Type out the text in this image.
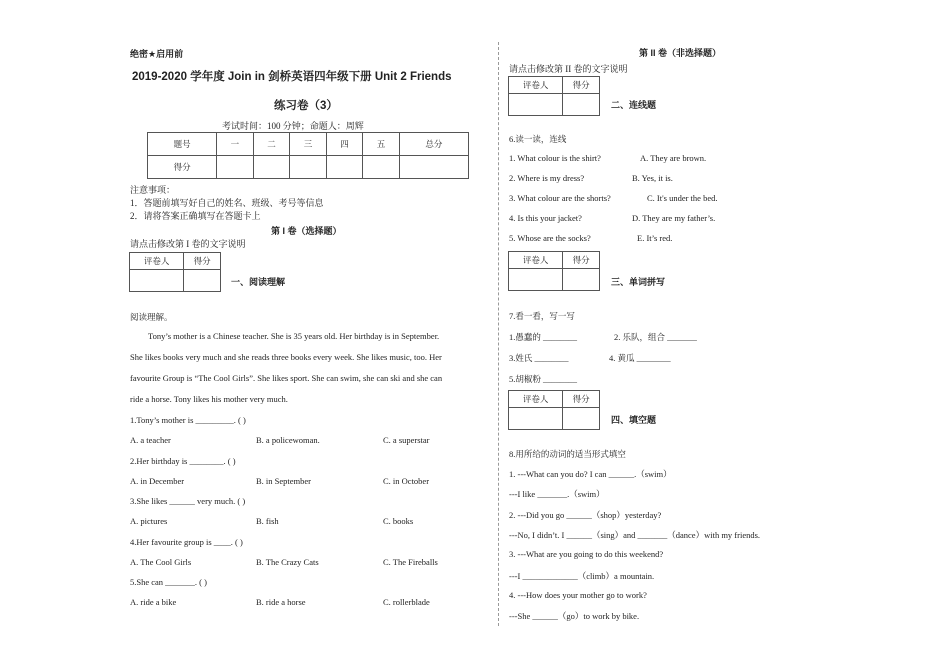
绝密★启用前
2019-2020 学年度 Join in 剑桥英语四年级下册 Unit 2 Friends
练习卷（3）
考试时间：100 分钟；命题人：周辉
题号	一	二	三	四	五	总分
得分						
注意事项：
1．答题前填写好自己的姓名、班级、考号等信息
2．请将答案正确填写在答题卡上
第 I 卷（选择题）
请点击修改第 I 卷的文字说明
评卷人	得分

一、阅读理解
阅读理解。
Tony’s mother is a Chinese teacher. She is 35 years old. Her birthday is in September.
She likes books very much and she reads three books every week. She likes music, too. Her
favourite Group is “The Cool Girls”. She likes sport. She can swim, she can ski and she can
ride a horse. Tony likes his mother very much.
1.Tony’s mother is _________. ( )
A. a teacher	B. a policewoman.	C. a superstar
2.Her birthday is ________. ( )
A. in December	B. in September	C. in October
3.She likes ______ very much. ( )
A. pictures	B. fish	C. books
4.Her favourite group is ____. ( )
A. The Cool Girls	B. The Crazy Cats	C. The Fireballs
5.She can _______. ( )
A. ride a bike	B. ride a horse	C. rollerblade
第 II 卷（非选择题）
请点击修改第 II 卷的文字说明
评卷人	得分

二、连线题
6.读一读，连线
1. What colour is the shirt?	A. They are brown.
2. Where is my dress?	B. Yes, it is.
3. What colour are the shorts?	C. It's under the bed.
4. Is this your jacket?	D. They are my father’s.
5. Whose are the socks?	E. It’s red.
评卷人	得分

三、单词拼写
7.看一看，写一写
1.愚蠢的 ________	2. 乐队，组合 _______
3.姓氏 ________	4. 黄瓜 ________
5.胡椒粉 ________
评卷人	得分

四、填空题
8.用所给的动词的适当形式填空
1. ---What can you do? I can ______.（swim）
---I like _______.（swim）
2. ---Did you go ______（shop）yesterday?
---No, I didn’t. I ______（sing）and _______（dance）with my friends.
3. ---What are you going to do this weekend?
---I _____________（climb）a mountain.
4. ---How does your mother go to work?
---She ______（go）to work by bike.
